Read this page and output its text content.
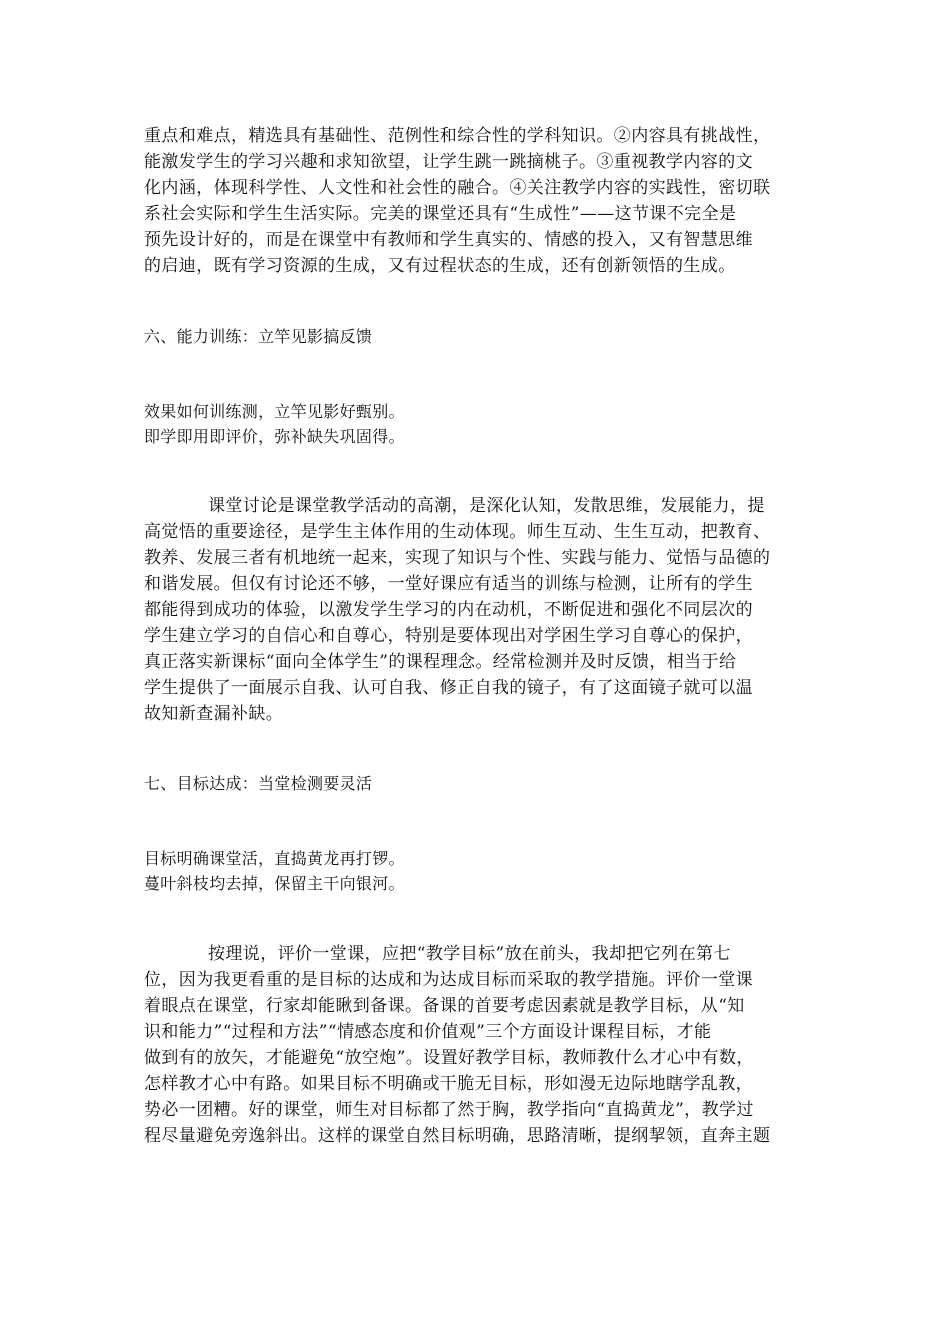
重点和难点，精选具有基础性、范例性和综合性的学科知识。②内容具有挑战性，
能激发学生的学习兴趣和求知欲望，让学生跳一跳摘桃子。③重视教学内容的文
化内涵，体现科学性、人文性和社会性的融合。④关注教学内容的实践性，密切联
系社会实际和学生生活实际。完美的课堂还具有“生成性”——这节课不完全是
预先设计好的，而是在课堂中有教师和学生真实的、情感的投入，又有智慧思维
的启迪，既有学习资源的生成，又有过程状态的生成，还有创新领悟的生成。
六、能力训练：立竿见影搞反馈
效果如何训练测，立竿见影好甄别。
即学即用即评价，弥补缺失巩固得。
课堂讨论是课堂教学活动的高潮，是深化认知，发散思维，发展能力，提
高觉悟的重要途径，是学生主体作用的生动体现。师生互动、生生互动，把教育、
教养、发展三者有机地统一起来，实现了知识与个性、实践与能力、觉悟与品德的
和谐发展。但仅有讨论还不够，一堂好课应有适当的训练与检测，让所有的学生
都能得到成功的体验，以激发学生学习的内在动机，不断促进和强化不同层次的
学生建立学习的自信心和自尊心，特别是要体现出对学困生学习自尊心的保护，
真正落实新课标“面向全体学生”的课程理念。经常检测并及时反馈，相当于给
学生提供了一面展示自我、认可自我、修正自我的镜子，有了这面镜子就可以温
故知新查漏补缺。
七、目标达成：当堂检测要灵活
目标明确课堂活，直捣黄龙再打锣。
蔓叶斜枝均去掉，保留主干向银河。
按理说，评价一堂课，应把“教学目标”放在前头，我却把它列在第七
位，因为我更看重的是目标的达成和为达成目标而采取的教学措施。评价一堂课
着眼点在课堂，行家却能瞅到备课。备课的首要考虑因素就是教学目标，从“知
识和能力”“过程和方法”“情感态度和价值观”三个方面设计课程目标，才能
做到有的放矢，才能避免“放空炮”。设置好教学目标，教师教什么才心中有数，
怎样教才心中有路。如果目标不明确或干脆无目标，形如漫无边际地瞎学乱教，
势必一团糟。好的课堂，师生对目标都了然于胸，教学指向“直捣黄龙”，教学过
程尽量避免旁逸斜出。这样的课堂自然目标明确，思路清晰，提纲挈领，直奔主题
